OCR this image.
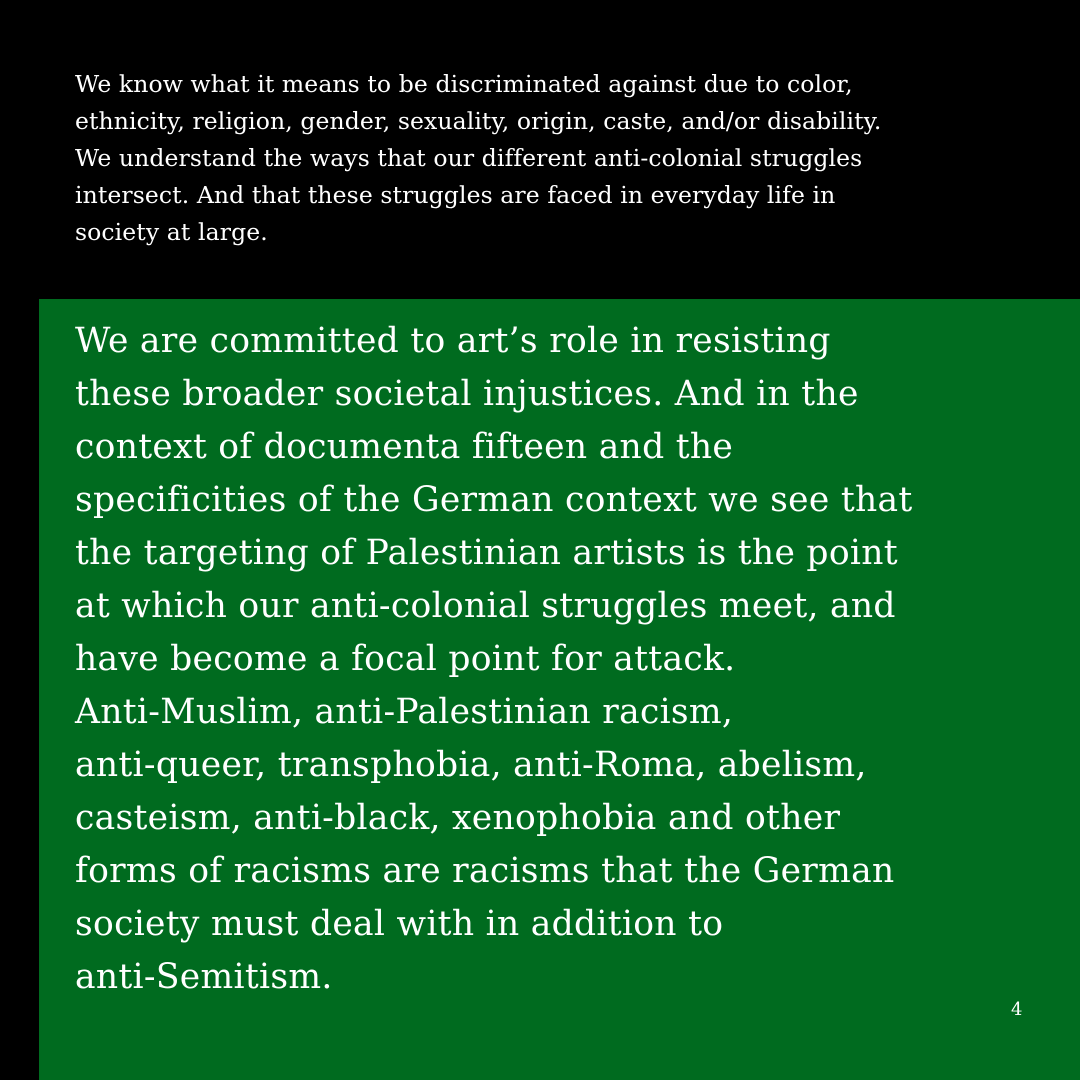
We know what it means to be discriminated against due to color,
ethnicity, religion, gender, sexuality, origin, caste, and/or disability.
We understand the ways that our different anti-colonial struggles
intersect. And that these struggles are faced in everyday life in
society at large.

We are committed to art’s role in resisting
these broader societal injustices. And in the
context of documenta fifteen and the
specificities of the German context we see that
the targeting of Palestinian artists is the point
at which our anti-colonial struggles meet, and
have become a focal point for attack.
Anti-Muslim, anti-Palestinian racism,
anti-queer, transphobia, anti-Roma, abelism,
casteism, anti-black, xenophobia and other
forms of racisms are racisms that the German
society must deal with in addition to
anti-Semitism.

4
